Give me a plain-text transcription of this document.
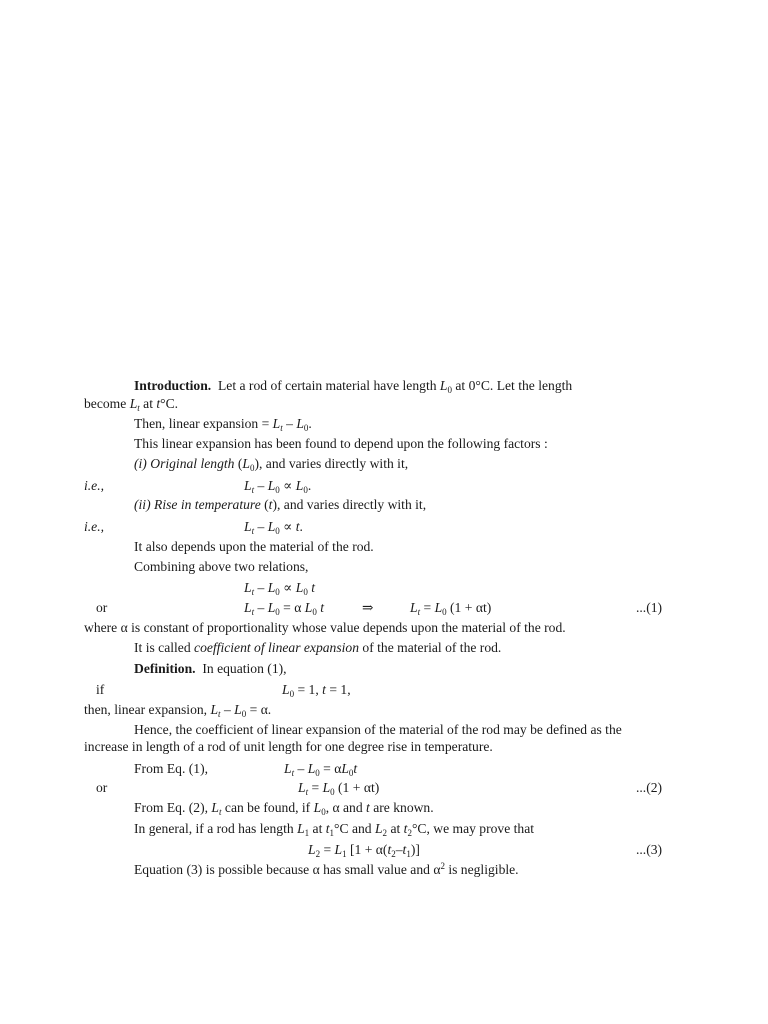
Introduction. Let a rod of certain material have length $L_0$ at 0°C. Let the length
become $L_t$ at t°C.
Then, linear expansion = $L_t - L_0$.
This linear expansion has been found to depend upon the following factors :
(i) Original length $(L_0)$, and varies directly with it,
i.e.,	$L_t - L_0 \propto L_0$.
(ii) Rise in temperature (t), and varies directly with it,
i.e.,	$L_t - L_0 \propto t$.
It also depends upon the material of the rod.
Combining above two relations,
$L_t - L_0 \propto L_0$ t
or	$L_t - L_0 = \alpha$ $L_0$ t	⇒	$L_t = L_0$ (1 + αt)	...(1)
where α is constant of proportionality whose value depends upon the material of the rod.
It is called coefficient of linear expansion of the material of the rod.
Definition. In equation (1),
if	$L_0 = 1$, t = 1,
then, linear expansion, $L_t - L_0 = \alpha$.
Hence, the coefficient of linear expansion of the material of the rod may be defined as the
increase in length of a rod of unit length for one degree rise in temperature.
From Eq. (1),	$L_t - L_0 = \alpha L_0t$
or	$L_t = L_0$ (1 + αt)	...(2)
From Eq. (2), $L_t$ can be found, if $L_0$, α and t are known.
In general, if a rod has length $L_1$ at $t_1^\circ C$ and $L_2$ at $t_2^\circ C$, we may prove that
$L_2 = L_1$ $[1 + \alpha(t_2-t_1)]$	...(3)
Equation (3) is possible because α has small value and $\alpha^2$ is negligible.
